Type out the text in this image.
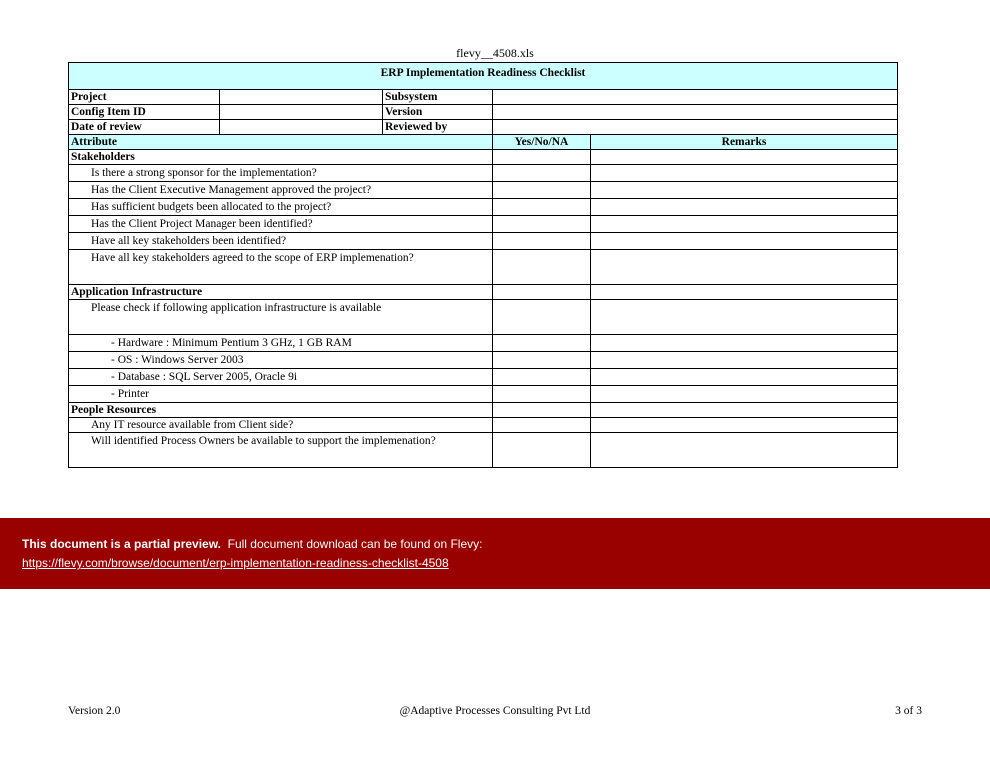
flevy__4508.xls
ERP Implementation Readiness Checklist				
Project		Subsystem		
Config Item ID		Version		
Date of review		Reviewed by		
Attribute			Yes/No/NA	Remarks
Stakeholders				
Is there a strong sponsor for the implementation?				
Has the Client Executive Management approved the project?				
Has sufficient budgets been allocated to the project?				
Has the Client Project Manager been identified?				
Have all key stakeholders been identified?				
Have all key stakeholders agreed to the scope of ERP implemenation?				
Application Infrastructure				
Please check if following application infrastructure is available				
- Hardware : Minimum Pentium 3 GHz, 1 GB RAM				
- OS : Windows Server 2003				
- Database : SQL Server 2005, Oracle 9i				
- Printer				
People Resources				
Any IT resource available from Client side?				
Will identified Process Owners be available to support the implemenation?				
This document is a partial preview. Full document download can be found on Flevy:
https://flevy.com/browse/document/erp-implementation-readiness-checklist-4508
Version 2.0	@Adaptive Processes Consulting Pvt Ltd	3 of 3
